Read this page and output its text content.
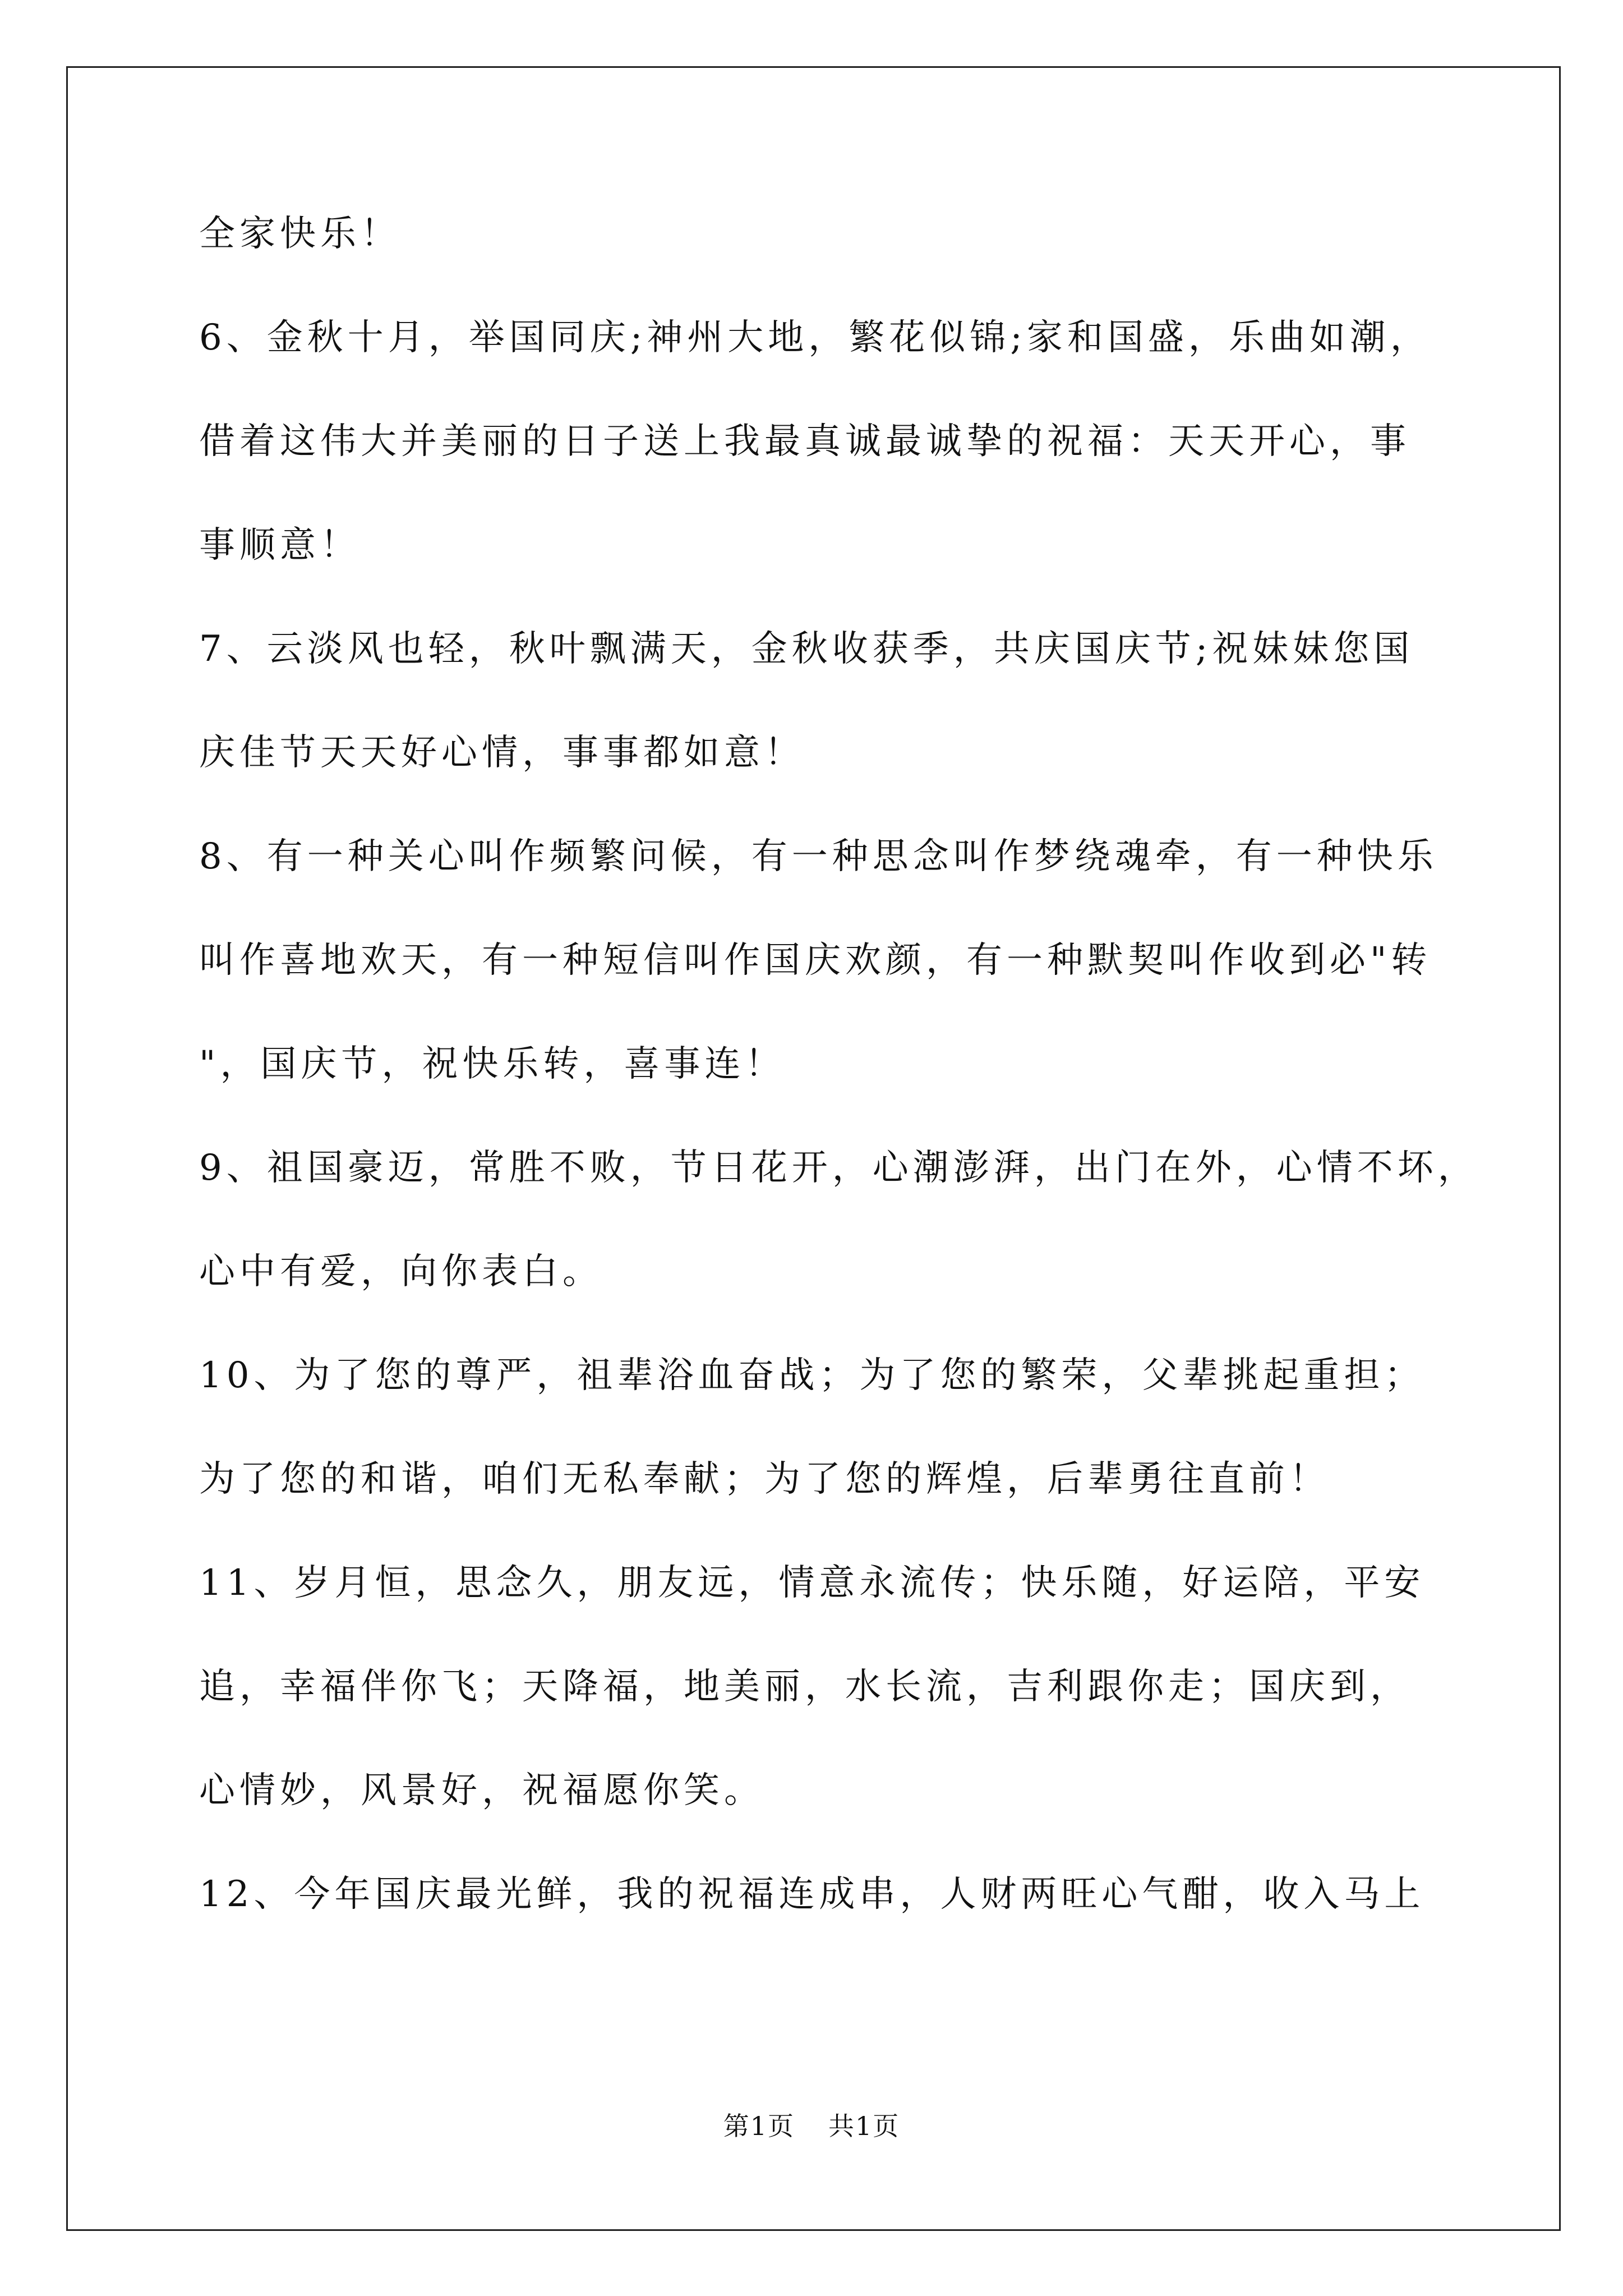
全家快乐！
6、金秋十月，举国同庆;神州大地，繁花似锦;家和国盛，乐曲如潮，
借着这伟大并美丽的日子送上我最真诚最诚挚的祝福：天天开心，事
事顺意！
7、云淡风也轻，秋叶飘满天，金秋收获季，共庆国庆节;祝妹妹您国
庆佳节天天好心情，事事都如意！
8、有一种关心叫作频繁问候，有一种思念叫作梦绕魂牵，有一种快乐
叫作喜地欢天，有一种短信叫作国庆欢颜，有一种默契叫作收到必"转
"，国庆节，祝快乐转，喜事连！
9、祖国豪迈，常胜不败，节日花开，心潮澎湃，出门在外，心情不坏，
心中有爱，向你表白。
10、为了您的尊严，祖辈浴血奋战；为了您的繁荣，父辈挑起重担；
为了您的和谐，咱们无私奉献；为了您的辉煌，后辈勇往直前！
11、岁月恒，思念久，朋友远，情意永流传；快乐随，好运陪，平安
追，幸福伴你飞；天降福，地美丽，水长流，吉利跟你走；国庆到，
心情妙，风景好，祝福愿你笑。
12、今年国庆最光鲜，我的祝福连成串，人财两旺心气酣，收入马上
第1页 共1页
